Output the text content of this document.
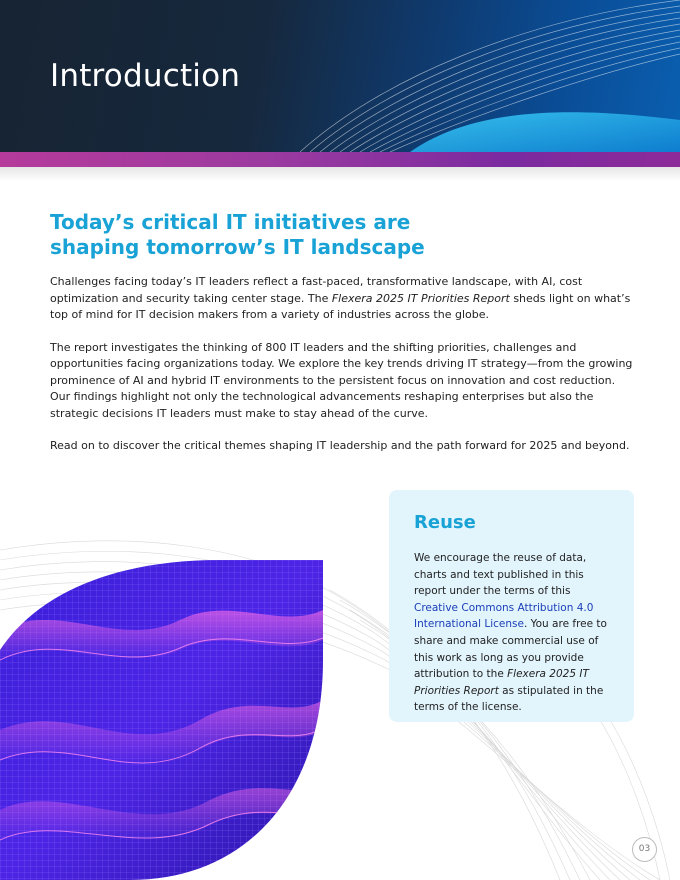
Introduction
Today’s critical IT initiatives are
shaping tomorrow’s IT landscape

Challenges facing today’s IT leaders reflect a fast-paced, transformative landscape, with AI, cost optimization and security taking center stage. The Flexera 2025 IT Priorities Report sheds light on what’s top of mind for IT decision makers from a variety of industries across the globe.

The report investigates the thinking of 800 IT leaders and the shifting priorities, challenges and opportunities facing organizations today. We explore the key trends driving IT strategy—from the growing prominence of AI and hybrid IT environments to the persistent focus on innovation and cost reduction. Our findings highlight not only the technological advancements reshaping enterprises but also the strategic decisions IT leaders must make to stay ahead of the curve.

Read on to discover the critical themes shaping IT leadership and the path forward for 2025 and beyond.

Reuse
We encourage the reuse of data, charts and text published in this report under the terms of this Creative Commons Attribution 4.0 International License. You are free to share and make commercial use of this work as long as you provide attribution to the Flexera 2025 IT Priorities Report as stipulated in the terms of the license.
03
